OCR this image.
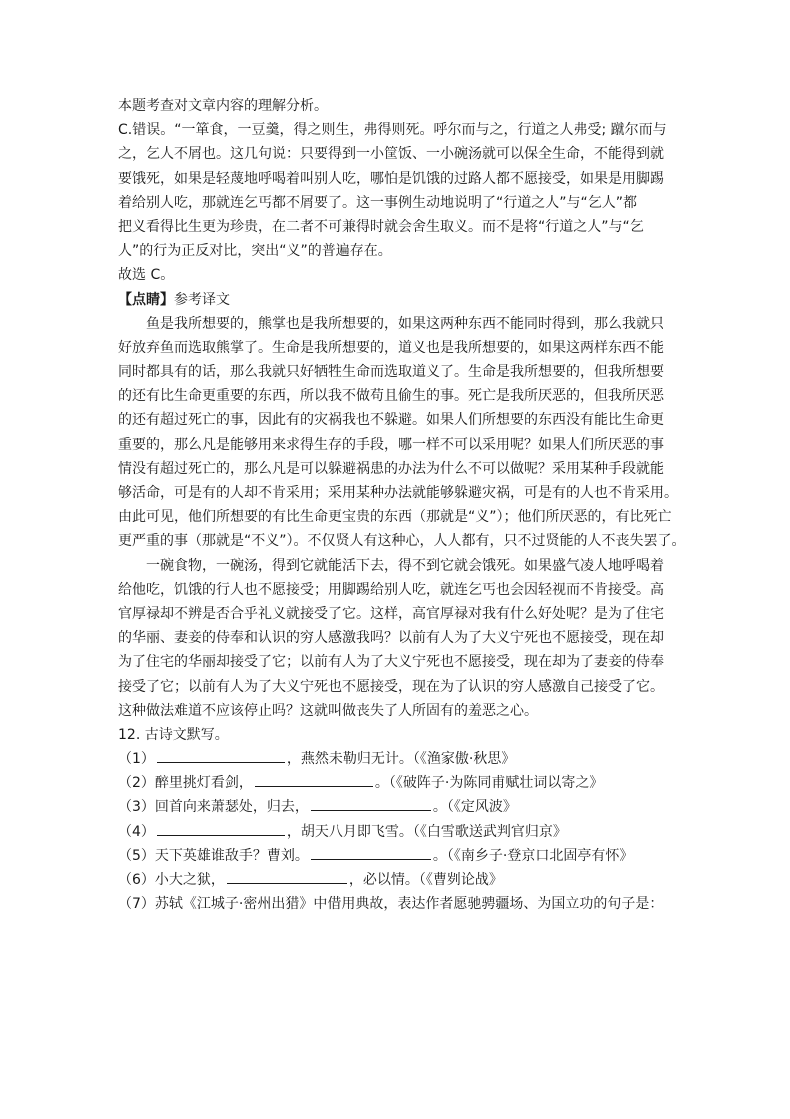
本题考查对文章内容的理解分析。
C.错误。“一箪食，一豆羹，得之则生，弗得则死。呼尔而与之，行道之人弗受; 蹴尔而与
之，乞人不屑也。这几句说：只要得到一小筐饭、一小碗汤就可以保全生命，不能得到就
要饿死，如果是轻蔑地呼喝着叫别人吃，哪怕是饥饿的过路人都不愿接受，如果是用脚踢
着给别人吃，那就连乞丐都不屑要了。这一事例生动地说明了“行道之人”与“乞人”都
把义看得比生更为珍贵，在二者不可兼得时就会舍生取义。而不是将“行道之人”与“乞
人”的行为正反对比，突出“义”的普遍存在。
故选 C。
【点睛】参考译文
鱼是我所想要的，熊掌也是我所想要的，如果这两种东西不能同时得到，那么我就只
好放弃鱼而选取熊掌了。生命是我所想要的，道义也是我所想要的，如果这两样东西不能
同时都具有的话，那么我就只好牺牲生命而选取道义了。生命是我所想要的，但我所想要
的还有比生命更重要的东西，所以我不做苟且偷生的事。死亡是我所厌恶的，但我所厌恶
的还有超过死亡的事，因此有的灾祸我也不躲避。如果人们所想要的东西没有能比生命更
重要的，那么凡是能够用来求得生存的手段，哪一样不可以采用呢？如果人们所厌恶的事
情没有超过死亡的，那么凡是可以躲避祸患的办法为什么不可以做呢？采用某种手段就能
够活命，可是有的人却不肯采用；采用某种办法就能够躲避灾祸，可是有的人也不肯采用。
由此可见，他们所想要的有比生命更宝贵的东西（那就是“义”）；他们所厌恶的，有比死亡
更严重的事（那就是“不义”）。不仅贤人有这种心，人人都有，只不过贤能的人不丧失罢了。
一碗食物，一碗汤，得到它就能活下去，得不到它就会饿死。如果盛气凌人地呼喝着
给他吃，饥饿的行人也不愿接受；用脚踢给别人吃，就连乞丐也会因轻视而不肯接受。高
官厚禄却不辨是否合乎礼义就接受了它。这样，高官厚禄对我有什么好处呢？是为了住宅
的华丽、妻妾的侍奉和认识的穷人感激我吗？以前有人为了大义宁死也不愿接受，现在却
为了住宅的华丽却接受了它；以前有人为了大义宁死也不愿接受，现在却为了妻妾的侍奉
接受了它；以前有人为了大义宁死也不愿接受，现在为了认识的穷人感激自己接受了它。
这种做法难道不应该停止吗？这就叫做丧失了人所固有的羞恶之心。
12. 古诗文默写。
（1）	，燕然未勒归无计。（《渔家傲·秋思》
（2）醉里挑灯看剑，	。（《破阵子·为陈同甫赋壮词以寄之》
（3）回首向来萧瑟处，归去，	。（《定风波》
（4）	，胡天八月即飞雪。（《白雪歌送武判官归京》
（5）天下英雄谁敌手？曹刘。	。（《南乡子·登京口北固亭有怀》
（6）小大之狱，	，必以情。（《曹刿论战》
（7）苏轼《江城子·密州出猎》中借用典故，表达作者愿驰骋疆场、为国立功的句子是：
